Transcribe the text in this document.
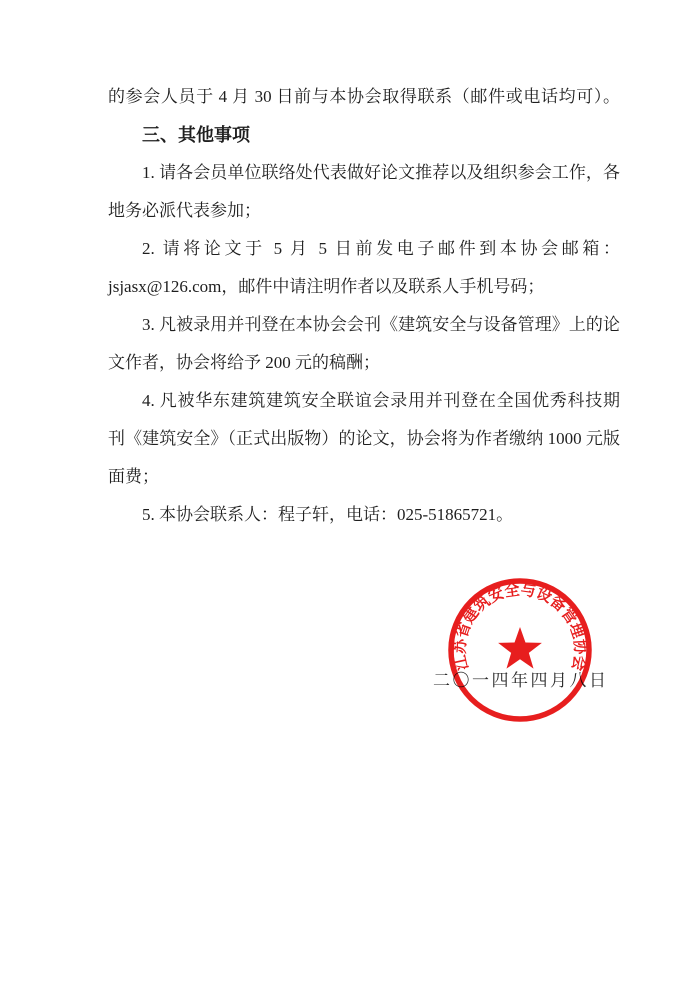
的参会人员于 4 月 30 日前与本协会取得联系（邮件或电话均可）。
三、其他事项
1. 请各会员单位联络处代表做好论文推荐以及组织参会工作，各
地务必派代表参加；
2. 请将论文于 5 月 5 日前发电子邮件到本协会邮箱：
jsjasx@126.com，邮件中请注明作者以及联系人手机号码；
3. 凡被录用并刊登在本协会会刊《建筑安全与设备管理》上的论
文作者，协会将给予 200 元的稿酬；
4. 凡被华东建筑建筑安全联谊会录用并刊登在全国优秀科技期
刊《建筑安全》（正式出版物）的论文，协会将为作者缴纳 1000 元版
面费；
5. 本协会联系人：程子轩，电话：025-51865721。
二〇一四年四月八日
江苏省建筑安全与设备管理协会
